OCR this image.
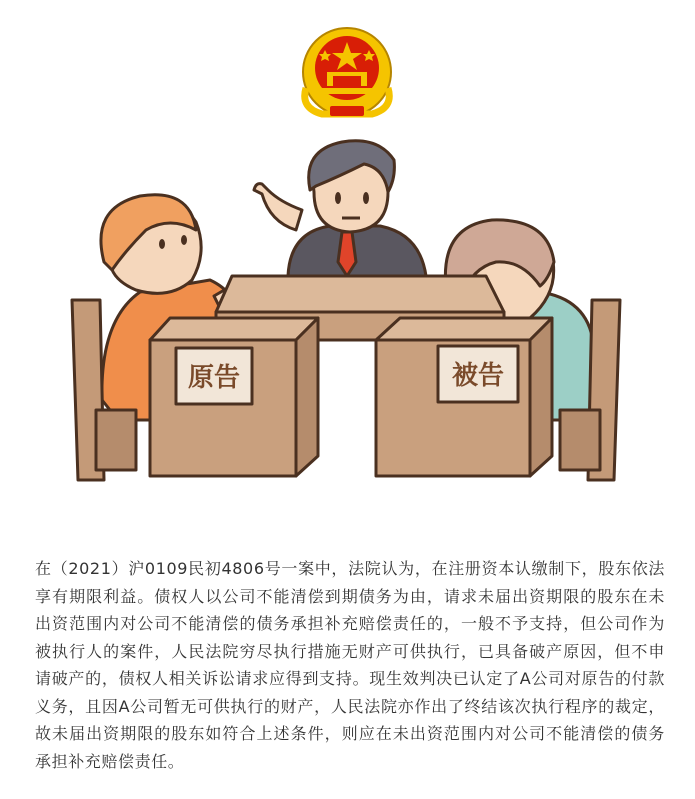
原告	被告

在（2021）沪0109民初4806号一案中，法院认为，在注册资本认缴制下，股东依法享有期限利益。债权人以公司不能清偿到期债务为由，请求未届出资期限的股东在未出资范围内对公司不能清偿的债务承担补充赔偿责任的，一般不予支持，但公司作为被执行人的案件，人民法院穷尽执行措施无财产可供执行，已具备破产原因，但不申请破产的，债权人相关诉讼请求应得到支持。现生效判决已认定了A公司对原告的付款义务，且因A公司暂无可供执行的财产，人民法院亦作出了终结该次执行程序的裁定，故未届出资期限的股东如符合上述条件，则应在未出资范围内对公司不能清偿的债务承担补充赔偿责任。
